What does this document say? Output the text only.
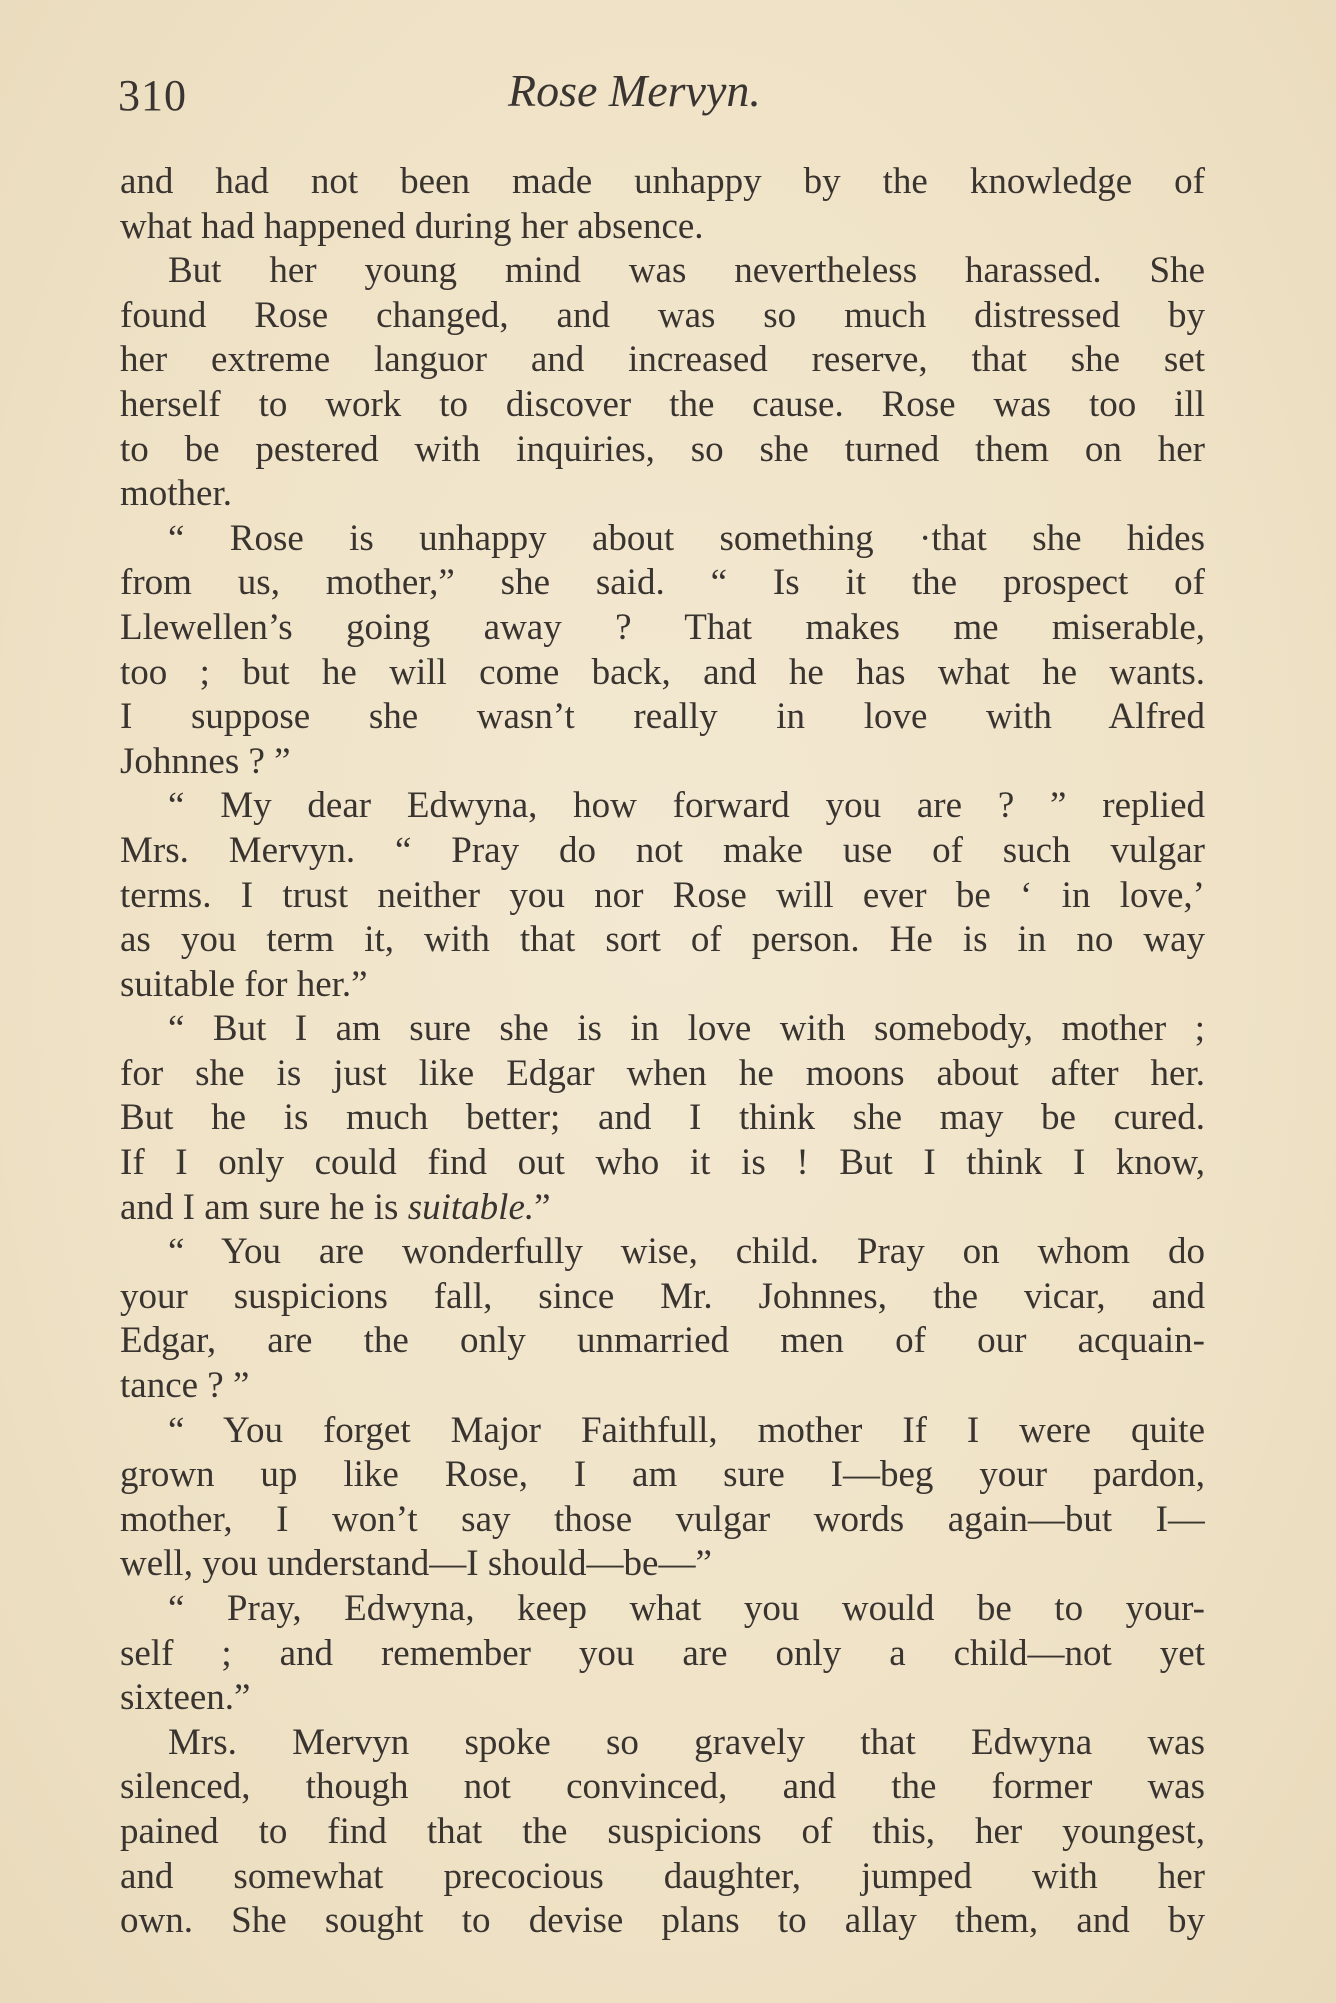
310	Rose Mervyn.
and had not been made unhappy by the knowledge of
what had happened during her absence.
But her young mind was nevertheless harassed. She
found Rose changed, and was so much distressed by
her extreme languor and increased reserve, that she set
herself to work to discover the cause. Rose was too ill
to be pestered with inquiries, so she turned them on her
mother.
“ Rose is unhappy about something ·that she hides
from us, mother,” she said. “ Is it the prospect of
Llewellen’s going away ? That makes me miserable,
too ; but he will come back, and he has what he wants.
I suppose she wasn’t really in love with Alfred
Johnnes ? ”
“ My dear Edwyna, how forward you are ? ” replied
Mrs. Mervyn. “ Pray do not make use of such vulgar
terms. I trust neither you nor Rose will ever be ‘ in love,’
as you term it, with that sort of person. He is in no way
suitable for her.”
“ But I am sure she is in love with somebody, mother ;
for she is just like Edgar when he moons about after her.
But he is much better; and I think she may be cured.
If I only could find out who it is ! But I think I know,
and I am sure he is suitable.”
“ You are wonderfully wise, child. Pray on whom do
your suspicions fall, since Mr. Johnnes, the vicar, and
Edgar, are the only unmarried men of our acquain-
tance ? ”
“ You forget Major Faithfull, mother If I were quite
grown up like Rose, I am sure I—beg your pardon,
mother, I won’t say those vulgar words again—but I—
well, you understand—I should—be—”
“ Pray, Edwyna, keep what you would be to your-
self ; and remember you are only a child—not yet
sixteen.”
Mrs. Mervyn spoke so gravely that Edwyna was
silenced, though not convinced, and the former was
pained to find that the suspicions of this, her youngest,
and somewhat precocious daughter, jumped with her
own. She sought to devise plans to allay them, and by
